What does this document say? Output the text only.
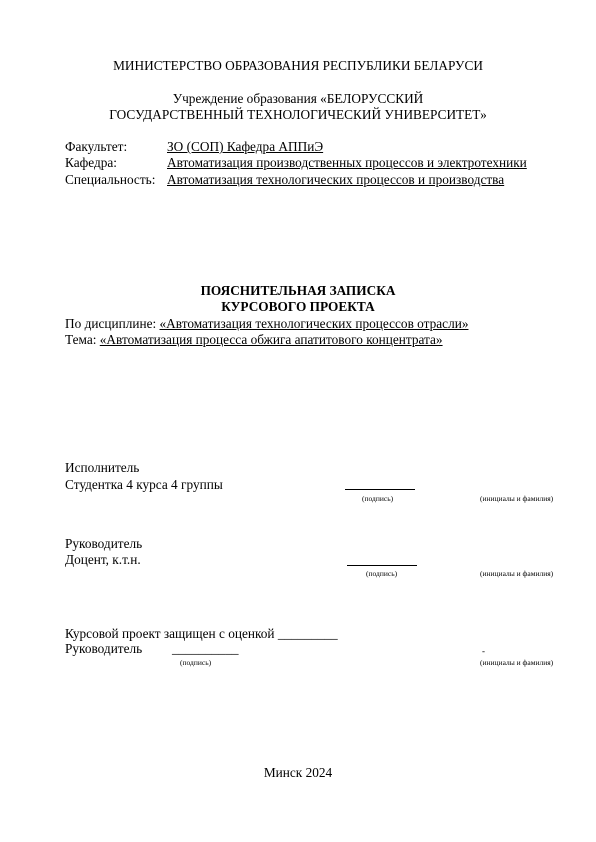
МИНИСТЕРСТВО ОБРАЗОВАНИЯ РЕСПУБЛИКИ БЕЛАРУСИ
Учреждение образования «БЕЛОРУССКИЙ
ГОСУДАРСТВЕННЫЙ ТЕХНОЛОГИЧЕСКИЙ УНИВЕРСИТЕТ»
Факультет:	ЗО (СОП) Кафедра АППиЭ
Кафедра:	Автоматизация производственных процессов и электротехники
Специальность: Автоматизация технологических процессов и производства
ПОЯСНИТЕЛЬНАЯ ЗАПИСКА
КУРСОВОГО ПРОЕКТА
По дисциплине: «Автоматизация технологических процессов отрасли»
Тема: «Автоматизация процесса обжига апатитового концентрата»
Исполнитель
Студентка 4 курса 4 группы
(подпись)	(инициалы и фамилия)
Руководитель
Доцент, к.т.н.
(подпись)	(инициалы и фамилия)
Курсовой проект защищен с оценкой _________
Руководитель __________	-
(подпись)	(инициалы и фамилия)
Минск 2024
